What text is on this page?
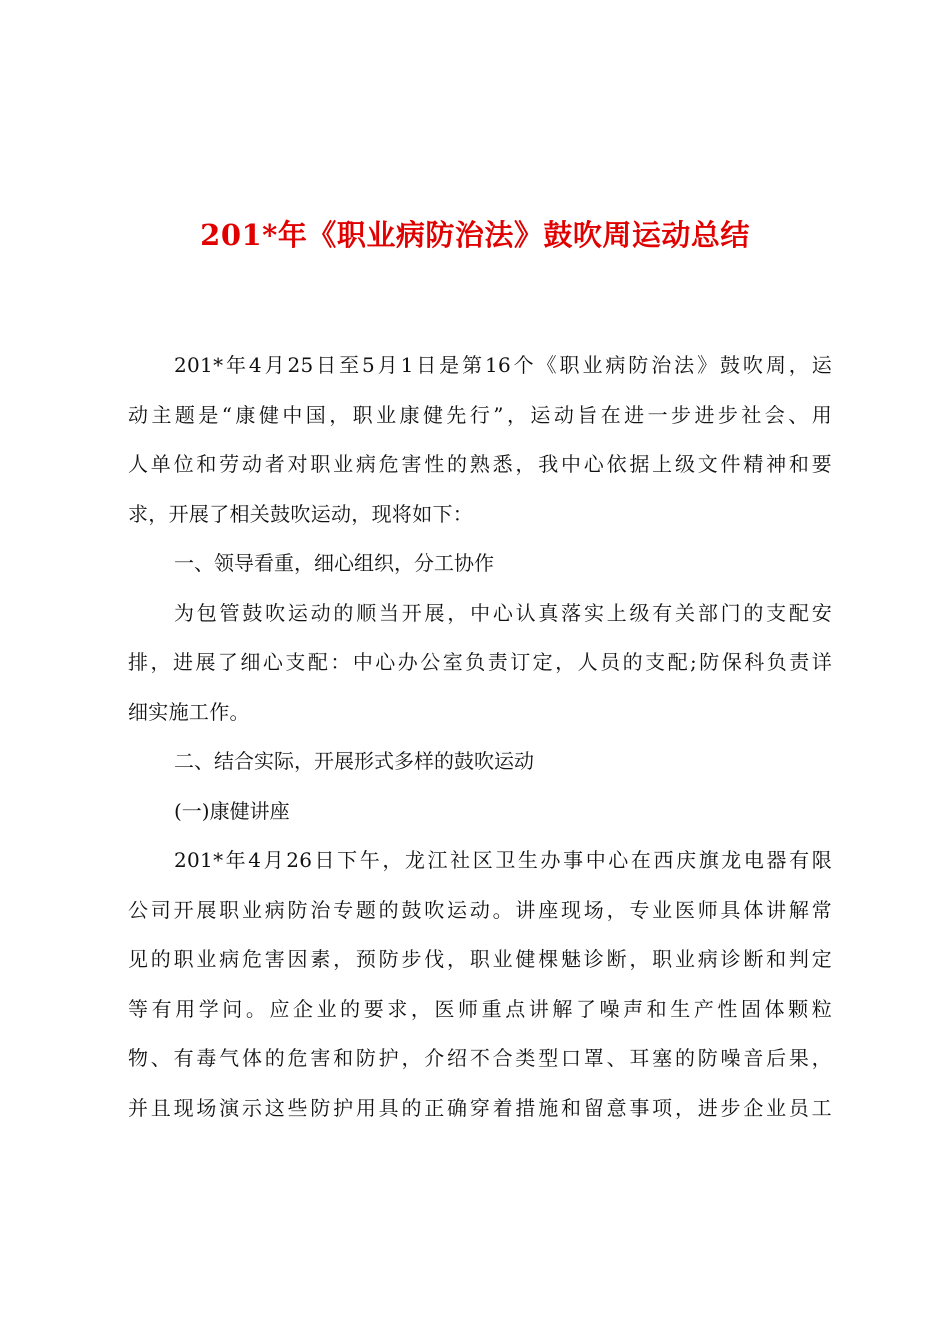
201*年《职业病防治法》鼓吹周运动总结
201*年4月25日至5月1日是第16个《职业病防治法》鼓吹周，运
动主题是“康健中国，职业康健先行”，运动旨在进一步进步社会、用
人单位和劳动者对职业病危害性的熟悉，我中心依据上级文件精神和要
求，开展了相关鼓吹运动，现将如下：
一、领导看重，细心组织，分工协作
为包管鼓吹运动的顺当开展，中心认真落实上级有关部门的支配安
排，进展了细心支配：中心办公室负责订定，人员的支配;防保科负责详
细实施工作。
二、结合实际，开展形式多样的鼓吹运动
(一)康健讲座
201*年4月26日下午，龙江社区卫生办事中心在西庆旗龙电器有限
公司开展职业病防治专题的鼓吹运动。讲座现场，专业医师具体讲解常
见的职业病危害因素，预防步伐，职业健棵魅诊断，职业病诊断和判定
等有用学问。应企业的要求，医师重点讲解了噪声和生产性固体颗粒
物、有毒气体的危害和防护，介绍不合类型口罩、耳塞的防噪音后果，
并且现场演示这些防护用具的正确穿着措施和留意事项，进步企业员工
